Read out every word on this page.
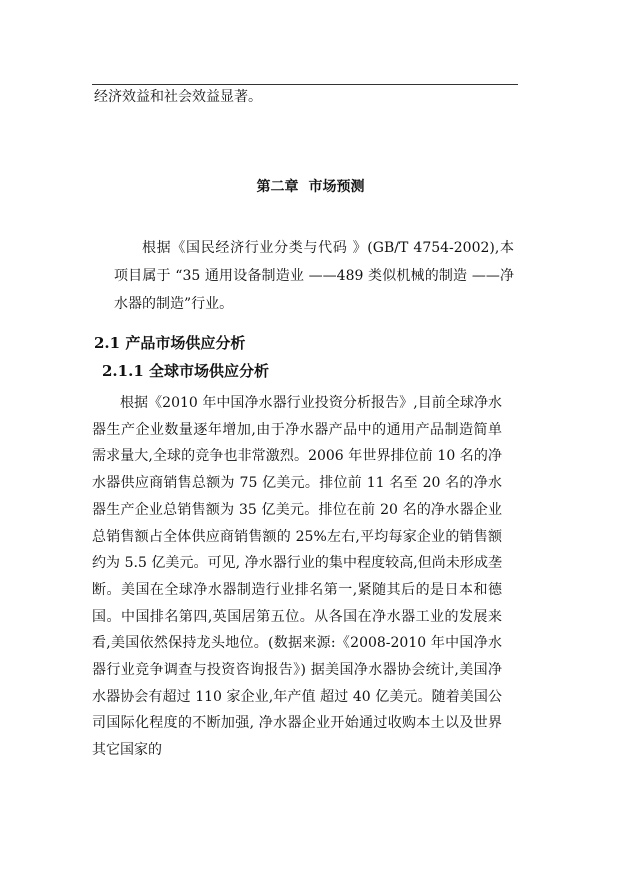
经济效益和社会效益显著。
第二章 市场预测
根据《国民经济行业分类与代码 》(GB/T 4754-2002),本项目属于 “35 通用设备制造业 ——489 类似机械的制造 ——净水器的制造”行业。
2.1 产品市场供应分析
2.1.1 全球市场供应分析
根据《2010 年中国净水器行业投资分析报告》,目前全球净水器生产企业数量逐年增加,由于净水器产品中的通用产品制造简单需求量大,全球的竞争也非常激烈。2006 年世界排位前 10 名的净水器供应商销售总额为 75 亿美元。排位前 11 名至 20 名的净水器生产企业总销售额为 35 亿美元。排位在前 20 名的净水器企业总销售额占全体供应商销售额的 25%左右,平均每家企业的销售额约为 5.5 亿美元。可见, 净水器行业的集中程度较高,但尚未形成垄断。美国在全球净水器制造行业排名第一,紧随其后的是日本和德国。中国排名第四,英国居第五位。从各国在净水器工业的发展来看,美国依然保持龙头地位。(数据来源:《2008-2010 年中国净水器行业竞争调查与投资咨询报告》) 据美国净水器协会统计,美国净水器协会有超过 110 家企业,年产值 超过 40 亿美元。随着美国公司国际化程度的不断加强, 净水器企业开始通过收购本土以及世界其它国家的
